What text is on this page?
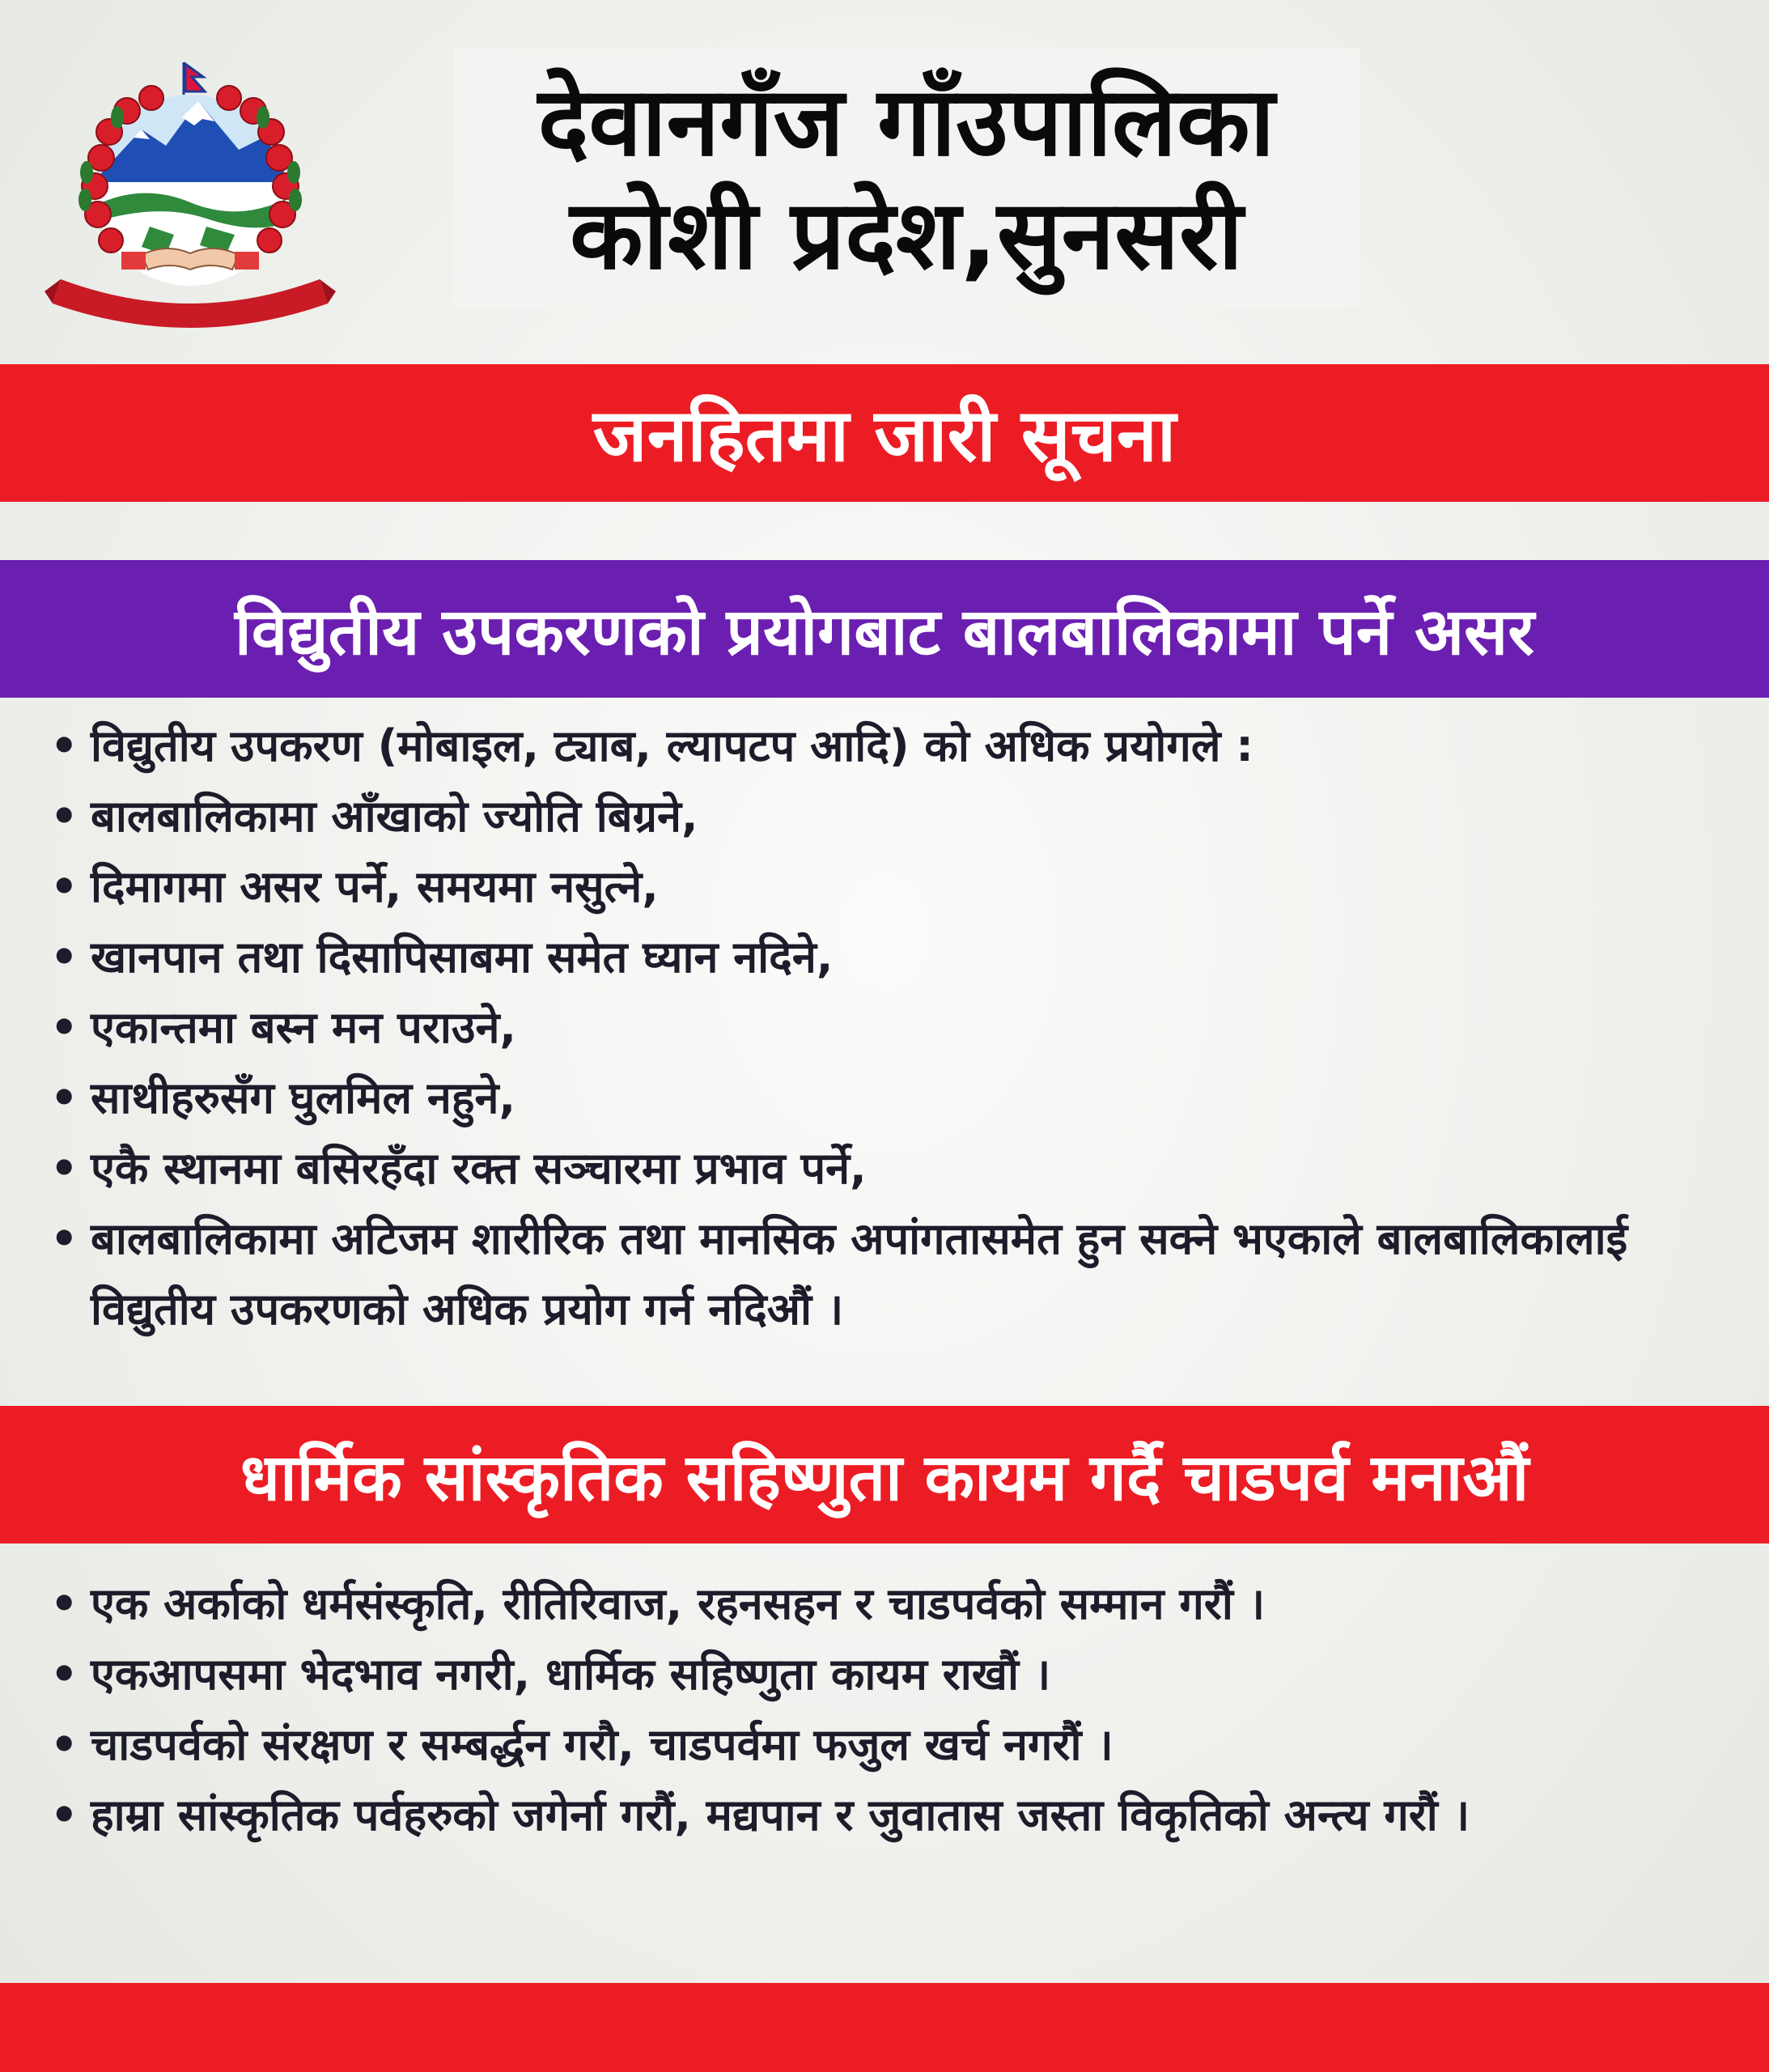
देवानगँज गाँउपालिका
कोशी प्रदेश,सुनसरी
जनहितमा जारी सूचना
विद्युतीय उपकरणको प्रयोगबाट बालबालिकामा पर्ने असर
• विद्युतीय उपकरण (मोबाइल, ट्याब, ल्यापटप आदि) को अधिक प्रयोगले :
• बालबालिकामा आँखाको ज्योति बिग्रने,
• दिमागमा असर पर्ने, समयमा नसुत्ने,
• खानपान तथा दिसापिसाबमा समेत घ्यान नदिने,
• एकान्तमा बस्न मन पराउने,
• साथीहरुसँग घुलमिल नहुने,
• एकै स्थानमा बसिरहँदा रक्त सञ्चारमा प्रभाव पर्ने,
• बालबालिकामा अटिजम शारीरिक तथा मानसिक अपांगतासमेत हुन सक्ने भएकाले बालबालिकालाई विद्युतीय उपकरणको अधिक प्रयोग गर्न नदिऔं ।
धार्मिक सांस्कृतिक सहिष्णुता कायम गर्दै चाडपर्व मनाऔं
• एक अर्काको धर्मसंस्कृति, रीतिरिवाज, रहनसहन र चाडपर्वको सम्मान गरौं ।
• एकआपसमा भेदभाव नगरी, धार्मिक सहिष्णुता कायम राखौं ।
• चाडपर्वको संरक्षण र सम्बर्द्धन गरौ, चाडपर्वमा फजुल खर्च नगरौं ।
• हाम्रा सांस्कृतिक पर्वहरुको जगेर्ना गरौं, मद्यपान र जुवातास जस्ता विकृतिको अन्त्य गरौं ।
